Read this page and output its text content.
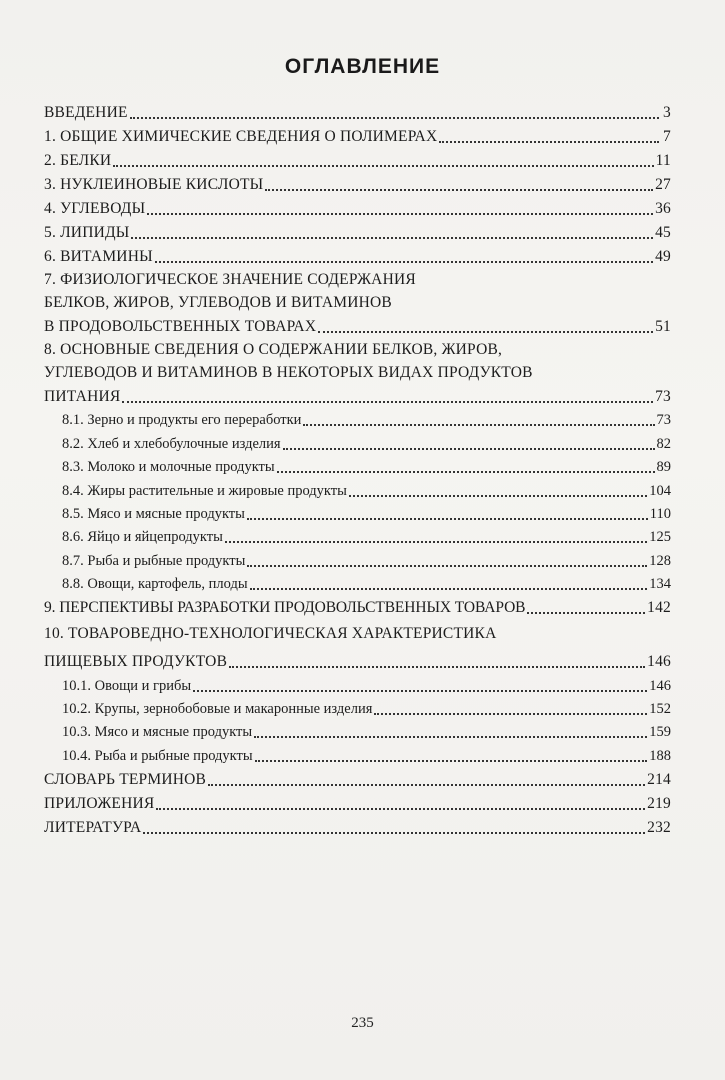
ОГЛАВЛЕНИЕ
ВВЕДЕНИЕ	3
1. ОБЩИЕ ХИМИЧЕСКИЕ СВЕДЕНИЯ О ПОЛИМЕРАХ	7
2. БЕЛКИ	11
3. НУКЛЕИНОВЫЕ КИСЛОТЫ	27
4. УГЛЕВОДЫ	36
5. ЛИПИДЫ	45
6. ВИТАМИНЫ	49
7. ФИЗИОЛОГИЧЕСКОЕ ЗНАЧЕНИЕ СОДЕРЖАНИЯ
БЕЛКОВ, ЖИРОВ, УГЛЕВОДОВ И ВИТАМИНОВ
В ПРОДОВОЛЬСТВЕННЫХ ТОВАРАХ	51
8. ОСНОВНЫЕ СВЕДЕНИЯ О СОДЕРЖАНИИ БЕЛКОВ, ЖИРОВ,
УГЛЕВОДОВ И ВИТАМИНОВ В НЕКОТОРЫХ ВИДАХ ПРОДУКТОВ
ПИТАНИЯ	73
8.1. Зерно и продукты его переработки	73
8.2. Хлеб и хлебобулочные изделия	82
8.3. Молоко и молочные продукты	89
8.4. Жиры растительные и жировые продукты	104
8.5. Мясо и мясные продукты	110
8.6. Яйцо и яйцепродукты	125
8.7. Рыба и рыбные продукты	128
8.8. Овощи, картофель, плоды	134
9. ПЕРСПЕКТИВЫ РАЗРАБОТКИ ПРОДОВОЛЬСТВЕННЫХ ТОВАРОВ	142
10. ТОВАРОВЕДНО-ТЕХНОЛОГИЧЕСКАЯ ХАРАКТЕРИСТИКА
ПИЩЕВЫХ ПРОДУКТОВ	146
10.1. Овощи и грибы	146
10.2. Крупы, зернобобовые и макаронные изделия	152
10.3. Мясо и мясные продукты	159
10.4. Рыба и рыбные продукты	188
СЛОВАРЬ ТЕРМИНОВ	214
ПРИЛОЖЕНИЯ	219
ЛИТЕРАТУРА	232
235
